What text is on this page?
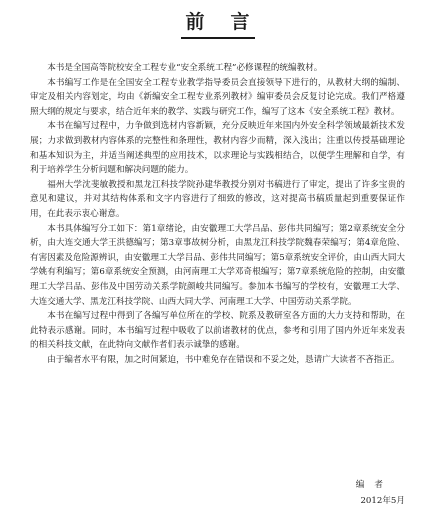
前言

本书是全国高等院校安全工程专业“安全系统工程”必修课程的统编教材。

本书编写工作是在全国安全工程专业教学指导委员会直接领导下进行的，从教材大纲的编制、审定及相关内容划定，均由《新编安全工程专业系列教材》编审委员会反复讨论完成。我们严格遵照大纲的规定与要求，结合近年来的教学、实践与研究工作，编写了这本《安全系统工程》教材。

本书在编写过程中，力争做到选材内容新颖，充分反映近年来国内外安全科学领域最新技术发展；力求做到教材内容体系的完整性和条理性，教材内容少而精，深入浅出；注重以传授基础理论和基本知识为主，并适当阐述典型的应用技术，以求理论与实践相结合，以便学生理解和自学，有利于培养学生分析问题和解决问题的能力。

福州大学沈斐敏教授和黑龙江科技学院孙建华教授分别对书稿进行了审定，提出了许多宝贵的意见和建议，并对其结构体系和文字内容进行了细致的修改，这对提高书稿质量起到重要保证作用，在此表示衷心谢意。

本书具体编写分工如下：第1章绪论，由安徽理工大学吕品、彭伟共同编写；第2章系统安全分析，由大连交通大学王洪德编写；第3章事故树分析，由黑龙江科技学院魏春荣编写；第4章危险、有害因素及危险源辨识，由安徽理工大学吕品、彭伟共同编写；第5章系统安全评价，由山西大同大学姚有利编写；第6章系统安全预测，由河南理工大学邓奇根编写；第7章系统危险的控制，由安徽理工大学吕品、彭伟及中国劳动关系学院颜峻共同编写。参加本书编写的学校有，安徽理工大学、大连交通大学、黑龙江科技学院、山西大同大学、河南理工大学、中国劳动关系学院。

本书在编写过程中得到了各编写单位所在的学校、院系及教研室各方面的大力支持和帮助，在此特表示感谢。同时，本书编写过程中吸收了以前诸教材的优点，参考和引用了国内外近年来发表的相关科技文献，在此特向文献作者们表示诚挚的感谢。

由于编者水平有限，加之时间紧迫，书中难免存在错误和不妥之处，恳请广大读者不吝指正。

编者
2012年5月
